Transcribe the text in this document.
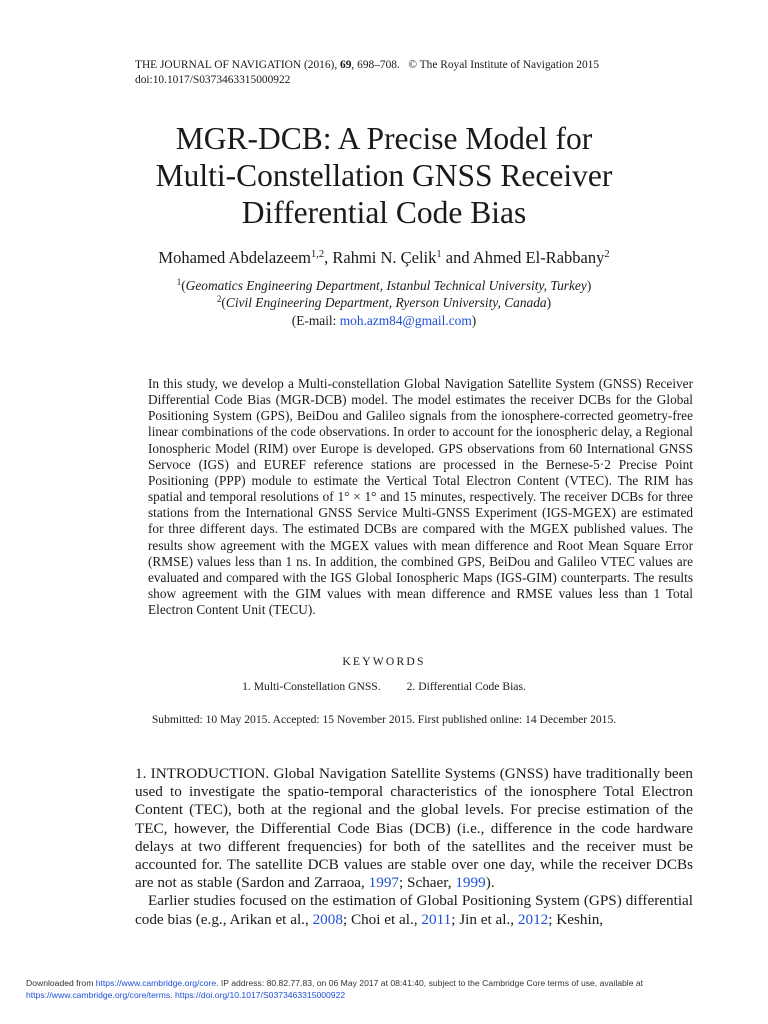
THE JOURNAL OF NAVIGATION (2016), 69, 698–708. © The Royal Institute of Navigation 2015
doi:10.1017/S0373463315000922
MGR-DCB: A Precise Model for
Multi-Constellation GNSS Receiver
Differential Code Bias
Mohamed Abdelazeem$^{1,2}$, Rahmi N. Çelik$^1$ and Ahmed El-Rabbany$^2$
$^1$(Geomatics Engineering Department, Istanbul Technical University, Turkey)
$^2$(Civil Engineering Department, Ryerson University, Canada)
(E-mail: moh.azm84@gmail.com)

In this study, we develop a Multi-constellation Global Navigation Satellite System (GNSS) Receiver Differential Code Bias (MGR-DCB) model. The model estimates the receiver DCBs for the Global Positioning System (GPS), BeiDou and Galileo signals from the ionosphere-corrected geometry-free linear combinations of the code observations. In order to account for the ionospheric delay, a Regional Ionospheric Model (RIM) over Europe is developed. GPS observations from 60 International GNSS Servoce (IGS) and EUREF reference stations are processed in the Bernese-5·2 Precise Point Positioning (PPP) module to estimate the Vertical Total Electron Content (VTEC). The RIM has spatial and temporal resolutions of 1° × 1° and 15 minutes, respectively. The receiver DCBs for three stations from the International GNSS Service Multi-GNSS Experiment (IGS-MGEX) are estimated for three different days. The estimated DCBs are compared with the MGEX published values. The results show agreement with the MGEX values with mean difference and Root Mean Square Error (RMSE) values less than 1 ns. In addition, the combined GPS, BeiDou and Galileo VTEC values are evaluated and compared with the IGS Global Ionospheric Maps (IGS-GIM) counterparts. The results show agreement with the GIM values with mean difference and RMSE values less than 1 Total Electron Content Unit (TECU).

KEYWORDS
1. Multi-Constellation GNSS. 2. Differential Code Bias.
Submitted: 10 May 2015. Accepted: 15 November 2015. First published online: 14 December 2015.

1. INTRODUCTION. Global Navigation Satellite Systems (GNSS) have traditionally been used to investigate the spatio-temporal characteristics of the ionosphere Total Electron Content (TEC), both at the regional and the global levels. For precise estimation of the TEC, however, the Differential Code Bias (DCB) (i.e., difference in the code hardware delays at two different frequencies) for both of the satellites and the receiver must be accounted for. The satellite DCB values are stable over one day, while the receiver DCBs are not as stable (Sardon and Zarraoa, 1997; Schaer, 1999).

Earlier studies focused on the estimation of Global Positioning System (GPS) differential code bias (e.g., Arikan et al., 2008; Choi et al., 2011; Jin et al., 2012; Keshin,

Downloaded from https://www.cambridge.org/core. IP address: 80.82.77.83, on 06 May 2017 at 08:41:40, subject to the Cambridge Core terms of use, available at
https://www.cambridge.org/core/terms. https://doi.org/10.1017/S0373463315000922
